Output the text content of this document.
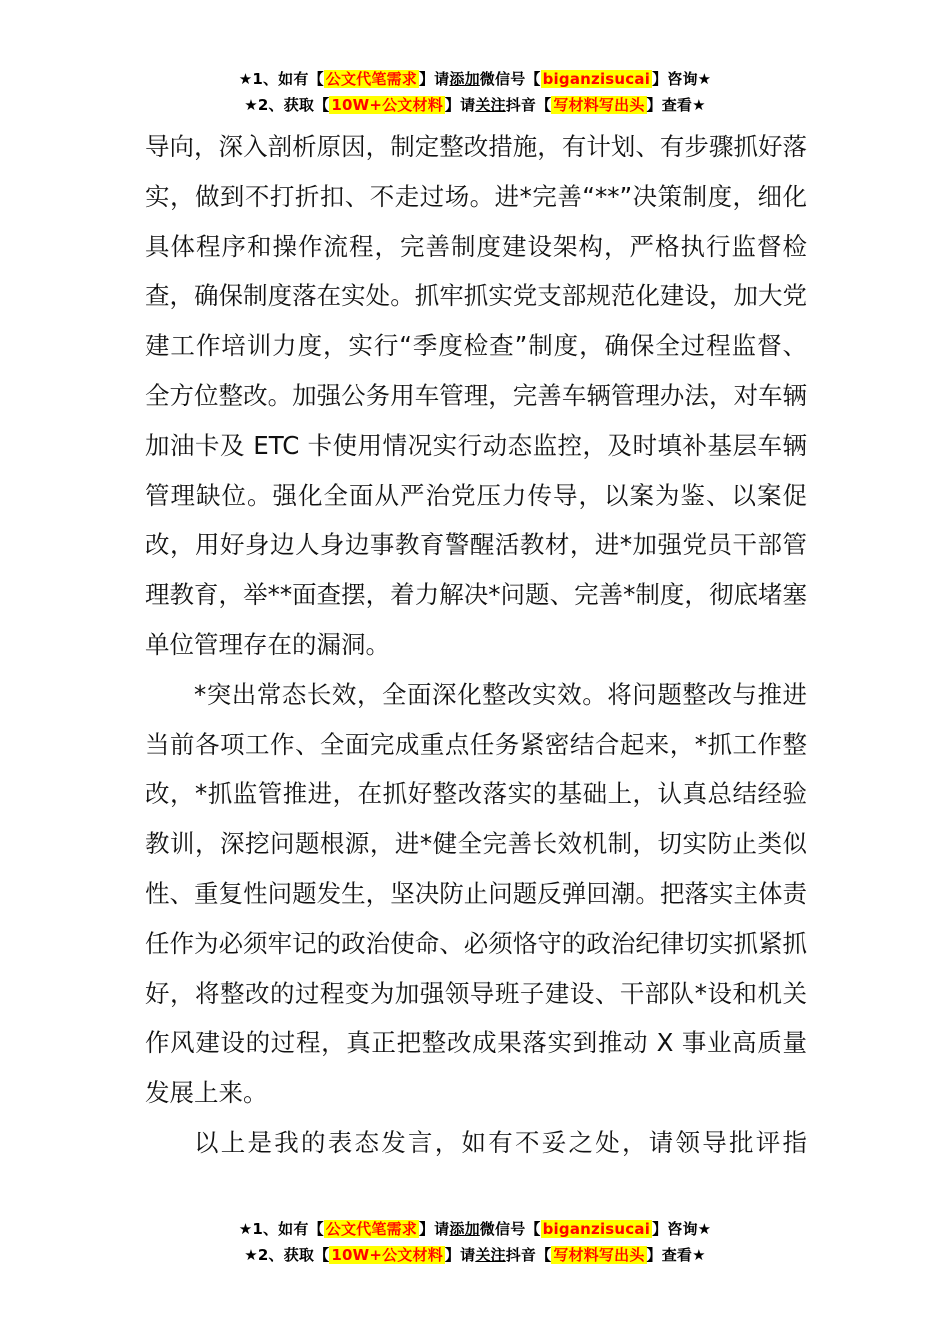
★1、如有【 公文代笔需求 】请添加微信号【 biganzisucai 】咨询★
★2、获取【 10W+公文材料 】请关注抖音【 写材料写出头 】查看★

导向，深入剖析原因，制定整改措施，有计划、有步骤抓好落实，做到不打折扣、不走过场。进*完善“**”决策制度，细化具体程序和操作流程，完善制度建设架构，严格执行监督检查，确保制度落在实处。抓牢抓实党支部规范化建设，加大党建工作培训力度，实行“季度检查”制度，确保全过程监督、全方位整改。加强公务用车管理，完善车辆管理办法，对车辆加油卡及 ETC 卡使用情况实行动态监控，及时填补基层车辆管理缺位。强化全面从严治党压力传导，以案为鉴、以案促改，用好身边人身边事教育警醒活教材，进*加强党员干部管理教育，举**面查摆，着力解决*问题、完善*制度，彻底堵塞单位管理存在的漏洞。

*突出常态长效，全面深化整改实效。将问题整改与推进当前各项工作、全面完成重点任务紧密结合起来，*抓工作整改，*抓监管推进，在抓好整改落实的基础上，认真总结经验教训，深挖问题根源，进*健全完善长效机制，切实防止类似性、重复性问题发生，坚决防止问题反弹回潮。把落实主体责任作为必须牢记的政治使命、必须恪守的政治纪律切实抓紧抓好，将整改的过程变为加强领导班子建设、干部队*设和机关作风建设的过程，真正把整改成果落实到推动 X 事业高质量发展上来。

以上是我的表态发言，如有不妥之处，请领导批评指

★1、如有【 公文代笔需求 】请添加微信号【 biganzisucai 】咨询★
★2、获取【 10W+公文材料 】请关注抖音【 写材料写出头 】查看★
